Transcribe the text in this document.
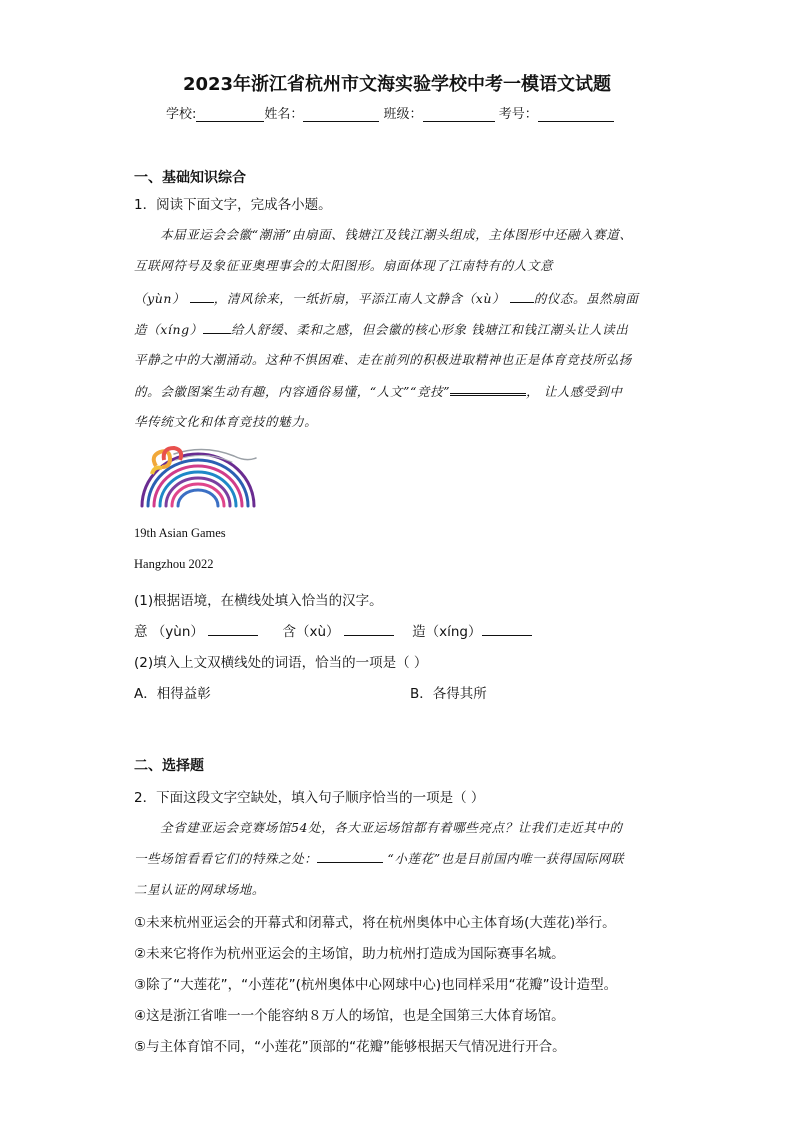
2023年浙江省杭州市文海实验学校中考一模语文试题
学校:	姓名：	班级：	考号：
一、基础知识综合
1．阅读下面文字，完成各小题。
本届亚运会会徽“潮涌”由扇面、钱塘江及钱江潮头组成，主体图形中还融入赛道、
互联网符号及象征亚奥理事会的太阳图形。扇面体现了江南特有的人文意
（yùn） ，清风徐来，一纸折扇，平添江南人文静含（xù） 的仪态。虽然扇面
造（xíng） 给人舒缓、柔和之感，但会徽的核心形象 钱塘江和钱江潮头让人读出
平静之中的大潮涌动。这种不惧困难、走在前列的积极进取精神也正是体育竞技所弘扬
的。会徽图案生动有趣，内容通俗易懂，“人文”“竞技”	， 让人感受到中
华传统文化和体育竞技的魅力。
19th Asian Games
Hangzhou 2022
(1)根据语境，在横线处填入恰当的汉字。
意 （yùn）	含（xù）	造（xíng）
(2)填入上文双横线处的词语，恰当的一项是（ ）
A．相得益彰	B．各得其所
二、选择题
2．下面这段文字空缺处，填入句子顺序恰当的一项是（ ）
全省建亚运会竞赛场馆54处，各大亚运场馆都有着哪些亮点？让我们走近其中的
一些场馆看看它们的特殊之处：	“小莲花”也是目前国内唯一获得国际网联
二星认证的网球场地。
①未来杭州亚运会的开幕式和闭幕式，将在杭州奥体中心主体育场(大莲花)举行。
②未来它将作为杭州亚运会的主场馆，助力杭州打造成为国际赛事名城。
③除了“大莲花”，“小莲花”(杭州奥体中心网球中心)也同样采用“花瓣”设计造型。
④这是浙江省唯一一个能容纳８万人的场馆，也是全国第三大体育场馆。
⑤与主体育馆不同，“小莲花”顶部的“花瓣”能够根据天气情况进行开合。
